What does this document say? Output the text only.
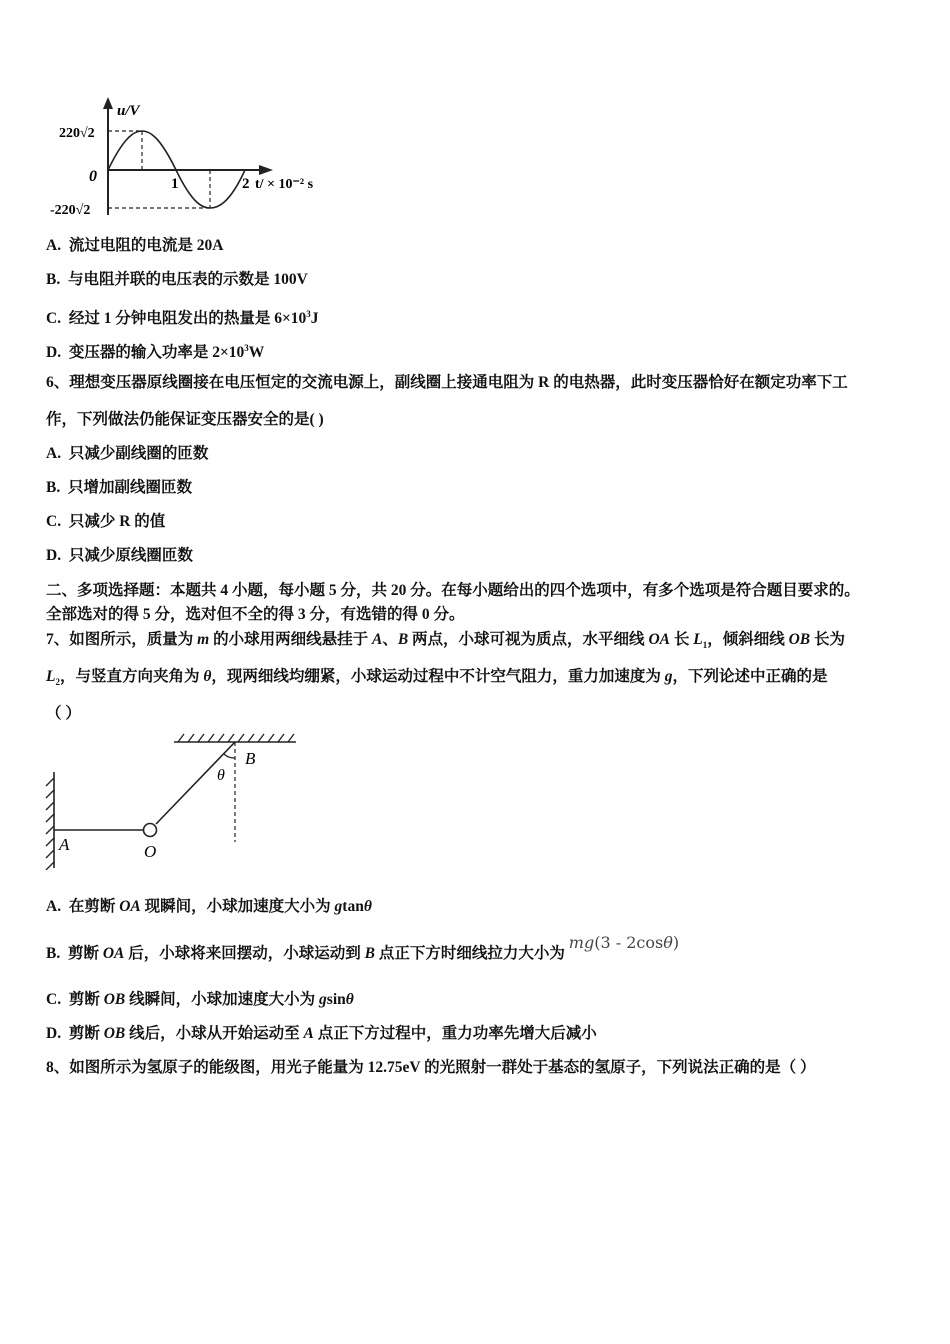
u/V
220√2
0	1	2 t/ × 10⁻² s
-220√2
A. 流过电阻的电流是 20A
B. 与电阻并联的电压表的示数是 100V
C. 经过 1 分钟电阻发出的热量是 $6\times 10^3J$
D. 变压器的输入功率是 $2\times 10^3W$
6、理想变压器原线圈接在电压恒定的交流电源上，副线圈上接通电阻为 R 的电热器，此时变压器恰好在额定功率下工
作，下列做法仍能保证变压器安全的是( )
A. 只减少副线圈的匝数
B. 只增加副线圈匝数
C. 只减少 R 的值
D. 只减少原线圈匝数
二、多项选择题：本题共 4 小题，每小题 5 分，共 20 分。在每小题给出的四个选项中，有多个选项是符合题目要求的。
全部选对的得 5 分，选对但不全的得 3 分，有选错的得 0 分。
7、如图所示，质量为 m 的小球用两细线悬挂于 A、B 两点，小球可视为质点，水平细线 OA 长 $L_1$，倾斜细线 OB 长为
$L_2$，与竖直方向夹角为 θ，现两细线均绷紧，小球运动过程中不计空气阻力，重力加速度为 g，下列论述中正确的是
（ ）
B
θ
A	O
A. 在剪断 OA 现瞬间，小球加速度大小为 gtanθ
B. 剪断 OA 后，小球将来回摆动，小球运动到 B 点正下方时细线拉力大小为 mg(3 - 2cosθ)
C. 剪断 OB 线瞬间，小球加速度大小为 gsinθ
D. 剪断 OB 线后，小球从开始运动至 A 点正下方过程中，重力功率先增大后减小
8、如图所示为氢原子的能级图，用光子能量为 12.75eV 的光照射一群处于基态的氢原子，下列说法正确的是（ ）
